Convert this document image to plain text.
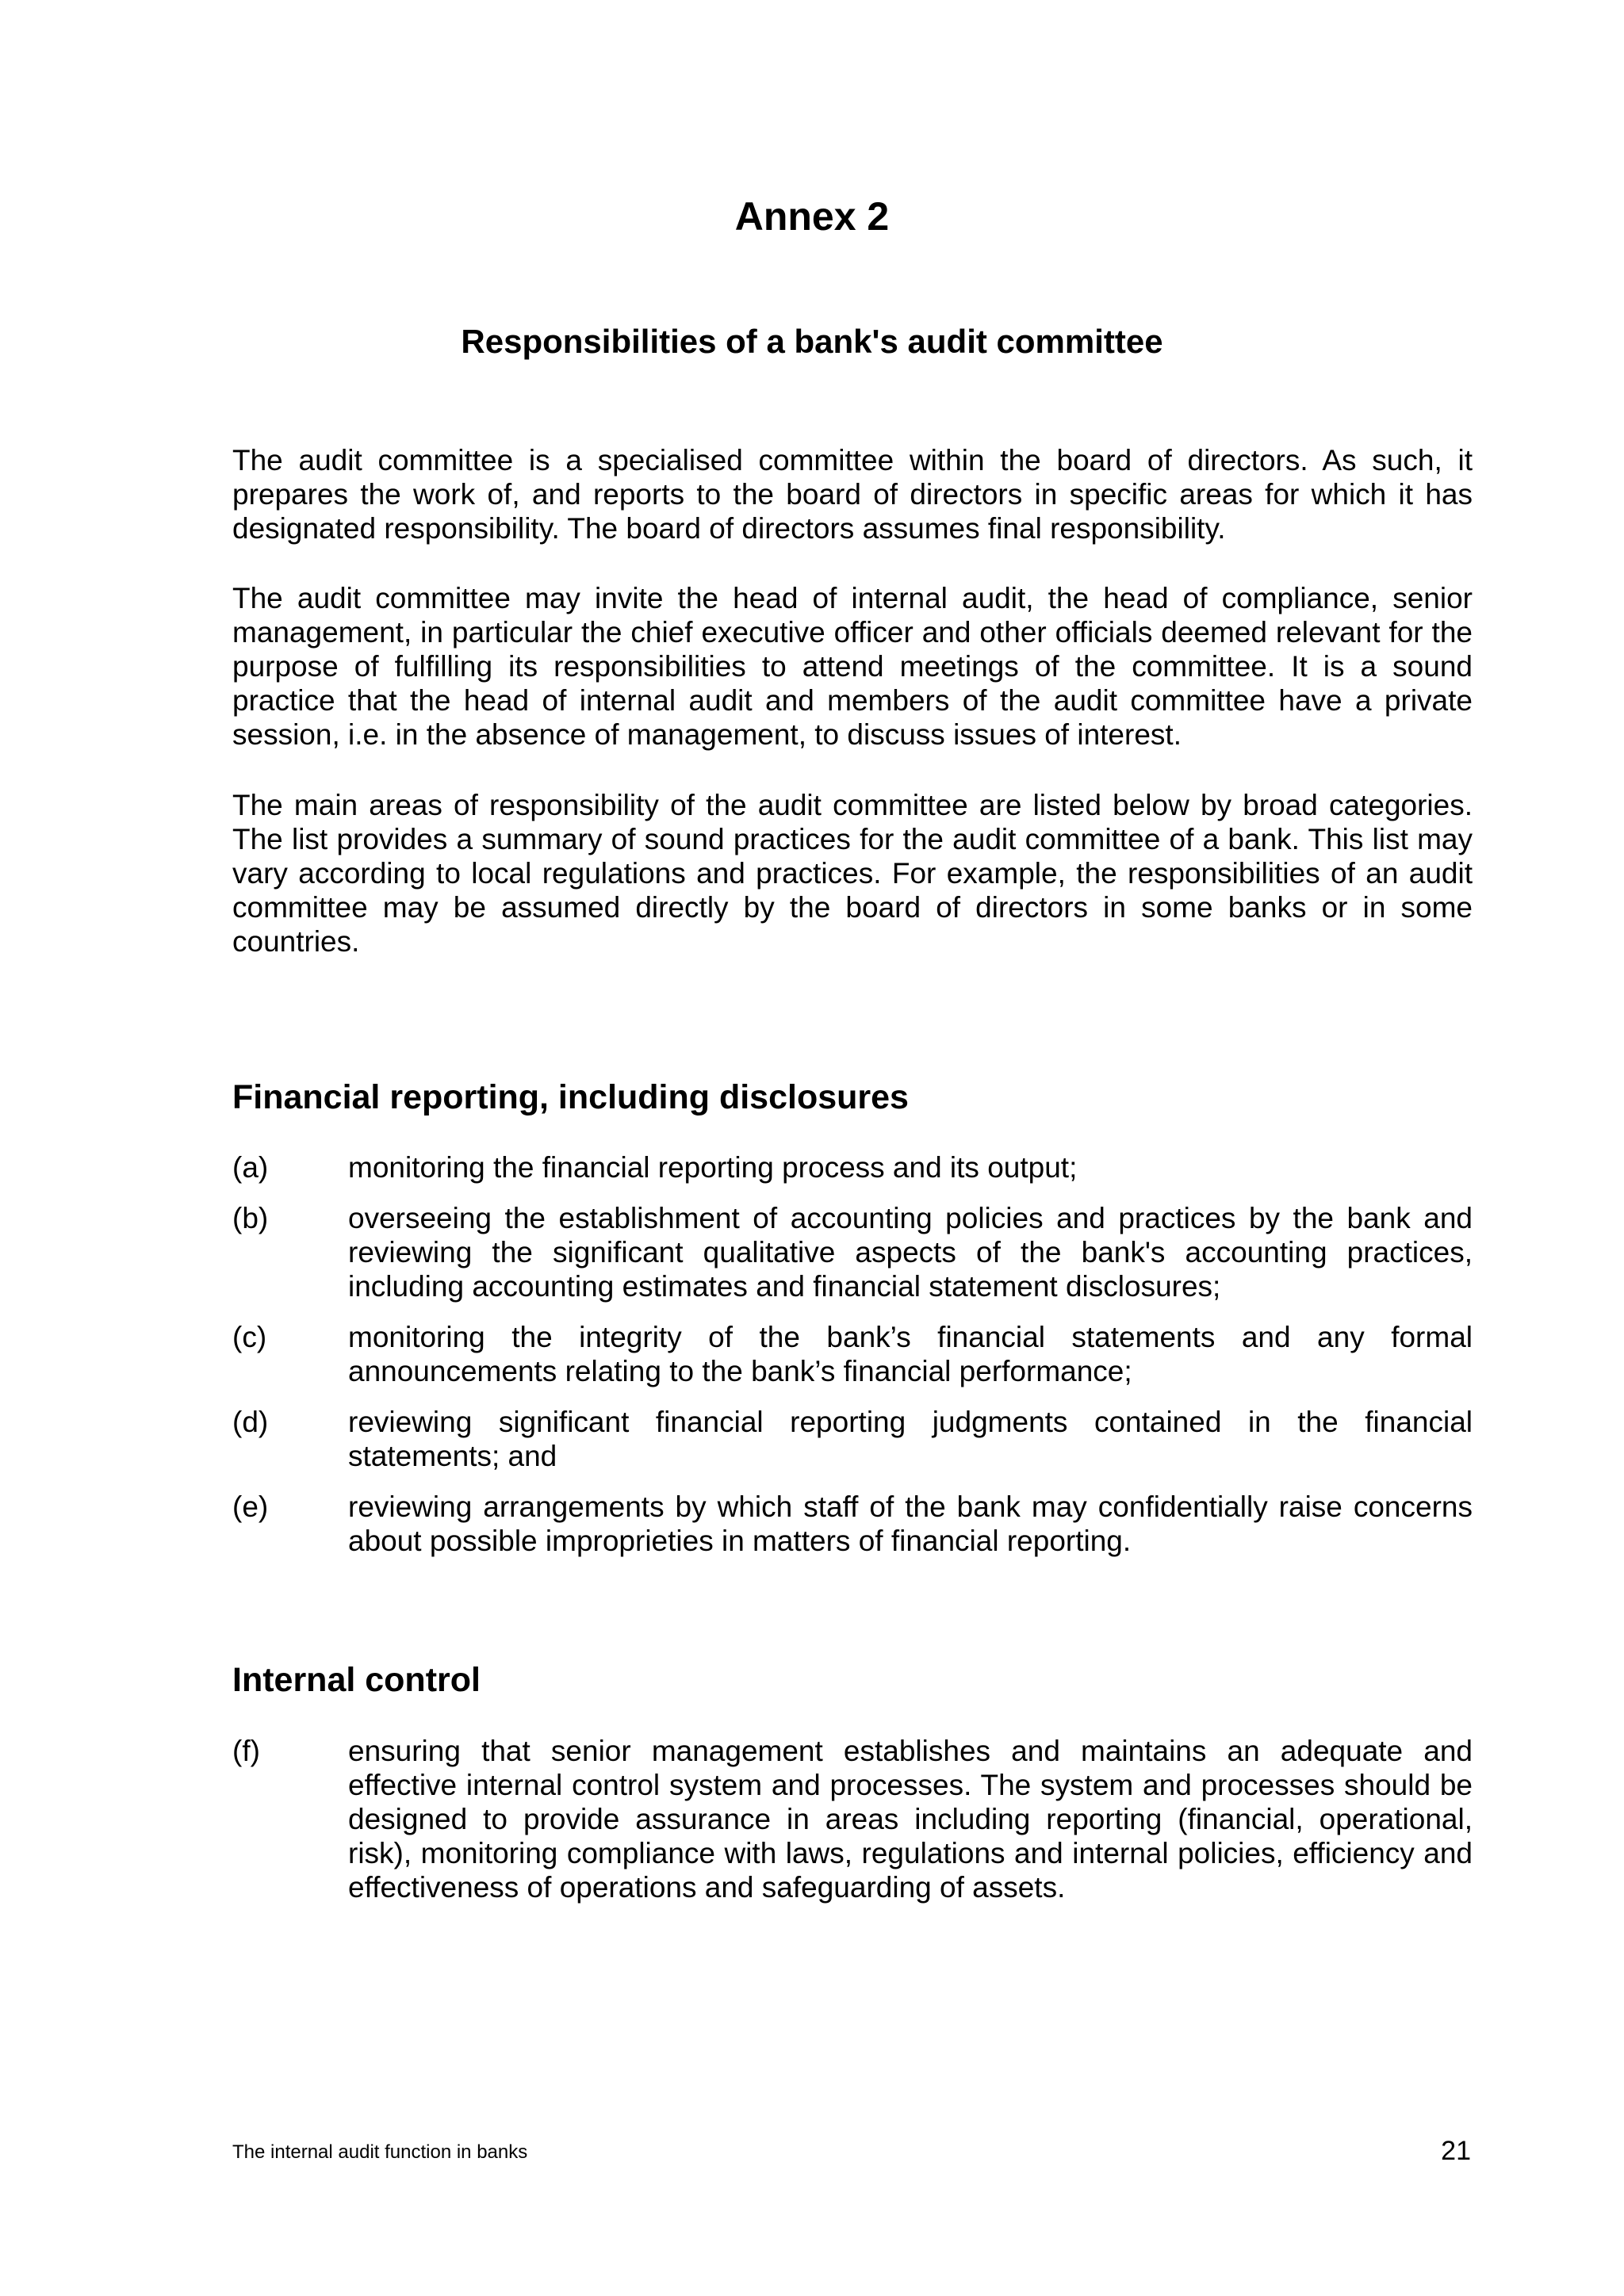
Annex 2
Responsibilities of a bank's audit committee

The audit committee is a specialised committee within the board of directors. As such, it prepares the work of, and reports to the board of directors in specific areas for which it has designated responsibility. The board of directors assumes final responsibility.

The audit committee may invite the head of internal audit, the head of compliance, senior management, in particular the chief executive officer and other officials deemed relevant for the purpose of fulfilling its responsibilities to attend meetings of the committee. It is a sound practice that the head of internal audit and members of the audit committee have a private session, i.e. in the absence of management, to discuss issues of interest.

The main areas of responsibility of the audit committee are listed below by broad categories. The list provides a summary of sound practices for the audit committee of a bank. This list may vary according to local regulations and practices. For example, the responsibilities of an audit committee may be assumed directly by the board of directors in some banks or in some countries.

Financial reporting, including disclosures
(a)	monitoring the financial reporting process and its output;
(b)	overseeing the establishment of accounting policies and practices by the bank and reviewing the significant qualitative aspects of the bank's accounting practices, including accounting estimates and financial statement disclosures;
(c)	monitoring the integrity of the bank’s financial statements and any formal announcements relating to the bank’s financial performance;
(d)	reviewing significant financial reporting judgments contained in the financial statements; and
(e)	reviewing arrangements by which staff of the bank may confidentially raise concerns about possible improprieties in matters of financial reporting.
Internal control
(f)	ensuring that senior management establishes and maintains an adequate and effective internal control system and processes. The system and processes should be designed to provide assurance in areas including reporting (financial, operational, risk), monitoring compliance with laws, regulations and internal policies, efficiency and effectiveness of operations and safeguarding of assets.
The internal audit function in banks	21
